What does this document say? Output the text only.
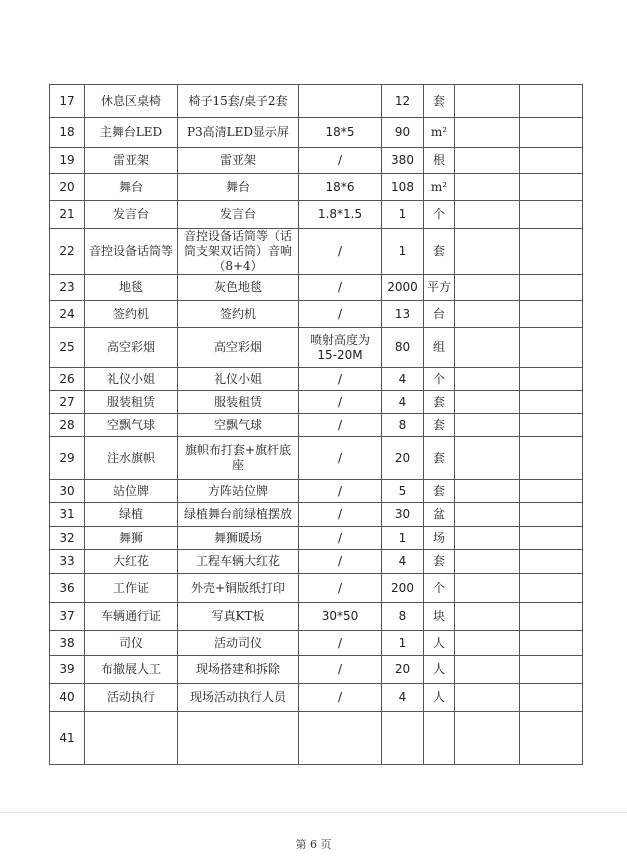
17	休息区桌椅	椅子15套/桌子2套		12	套		
18	主舞台LED	P3高清LED显示屏	18*5	90	m²		
19	雷亚架	雷亚架	/	380	根		
20	舞台	舞台	18*6	108	m²		
21	发言台	发言台	1.8*1.5	1	个		
22	音控设备话筒等	音控设备话筒等（话筒支架双话筒）音响（8+4）	/	1	套		
23	地毯	灰色地毯	/	2000	平方		
24	签约机	签约机	/	13	台		
25	高空彩烟	高空彩烟	喷射高度为15-20M	80	组		
26	礼仪小姐	礼仪小姐	/	4	个		
27	服装租赁	服装租赁	/	4	套		
28	空飘气球	空飘气球	/	8	套		
29	注水旗帜	旗帜布打套+旗杆底座	/	20	套		
30	站位牌	方阵站位牌	/	5	套		
31	绿植	绿植舞台前绿植摆放	/	30	盆		
32	舞狮	舞狮暖场	/	1	场		
33	大红花	工程车辆大红花	/	4	套		
36	工作证	外壳+铜版纸打印	/	200	个		
37	车辆通行证	写真KT板	30*50	8	块		
38	司仪	活动司仪	/	1	人		
39	布撤展人工	现场搭建和拆除	/	20	人		
40	活动执行	现场活动执行人员	/	4	人		
41							
第 6 页
